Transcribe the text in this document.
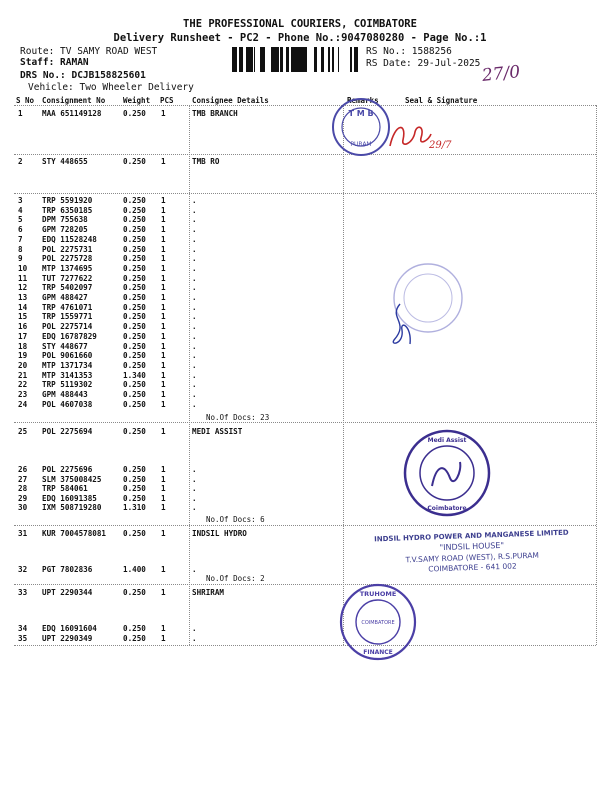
THE PROFESSIONAL COURIERS, COIMBATORE
Delivery Runsheet - PC2 - Phone No.:9047080280 - Page No.:1
Route: TV SAMY ROAD WEST
Staff: RAMAN
DRS No.: DCJB158825601
Vehicle: Two Wheeler Delivery
RS No.: 1588256
RS Date: 29-Jul-2025 27/0
S No Consignment No Weight PCS Consignee Details	Remarks	Seal & Signature
1	MAA 651149128	0.250 1	TMB BRANCH
2	STY 448655	0.250 1	TMB RO
3	TRP 5591920	0.250 1	.
4	TRP 6350185	0.250 1	.
5	DPM 755638	0.250 1	.
6	GPM 728205	0.250 1	.
7	EDQ 11528248	0.250 1	.
8	POL 2275731	0.250 1	.
9	POL 2275728	0.250 1	.
10 MTP 1374695	0.250 1	.
11 TUT 7277622	0.250 1	.
12 TRP 5402097	0.250 1	.
13 GPM 488427	0.250 1	.
14 TRP 4761071	0.250 1	.
15 TRP 1559771	0.250 1	.
16 POL 2275714	0.250 1	.
17 EDQ 16787829	0.250 1	.
18 STY 448677	0.250 1	.
19 POL 9061660	0.250 1	.
20 MTP 1371734	0.250 1	.
21 MTP 3141353	1.340 1	.
22 TRP 5119302	0.250 1	.
23 GPM 488443	0.250 1	.
24 POL 4607038	0.250 1	.
25 POL 2275694	0.250 1	MEDI ASSIST
26 POL 2275696	0.250 1	.
27 SLM 375008425	0.250 1	.
28 TRP 584061	0.250 1	.
29 EDQ 16091385	0.250 1	.
30 IXM 508719280	1.310 1	.
31 KUR 7004578081 0.250 1	INDSIL HYDRO
32 PGT 7802836	1.400 1	.
33 UPT 2290344	0.250 1	SHRIRAM
34 EDQ 16091604	0.250 1	.
35 UPT 2290349	0.250 1	.
No.Of Docs: 23
No.Of Docs: 6
No.Of Docs: 2
T M B
PURAM	29/7
Medi Assist
Coimbatore
INDSIL HYDRO POWER AND MANGANESE LIMITED
"INDSIL HOUSE"
T.V.SAMY ROAD (WEST), R.S.PURAM
COIMBATORE - 641 002
TRUHOME
COIMBATORE
FINANCE
